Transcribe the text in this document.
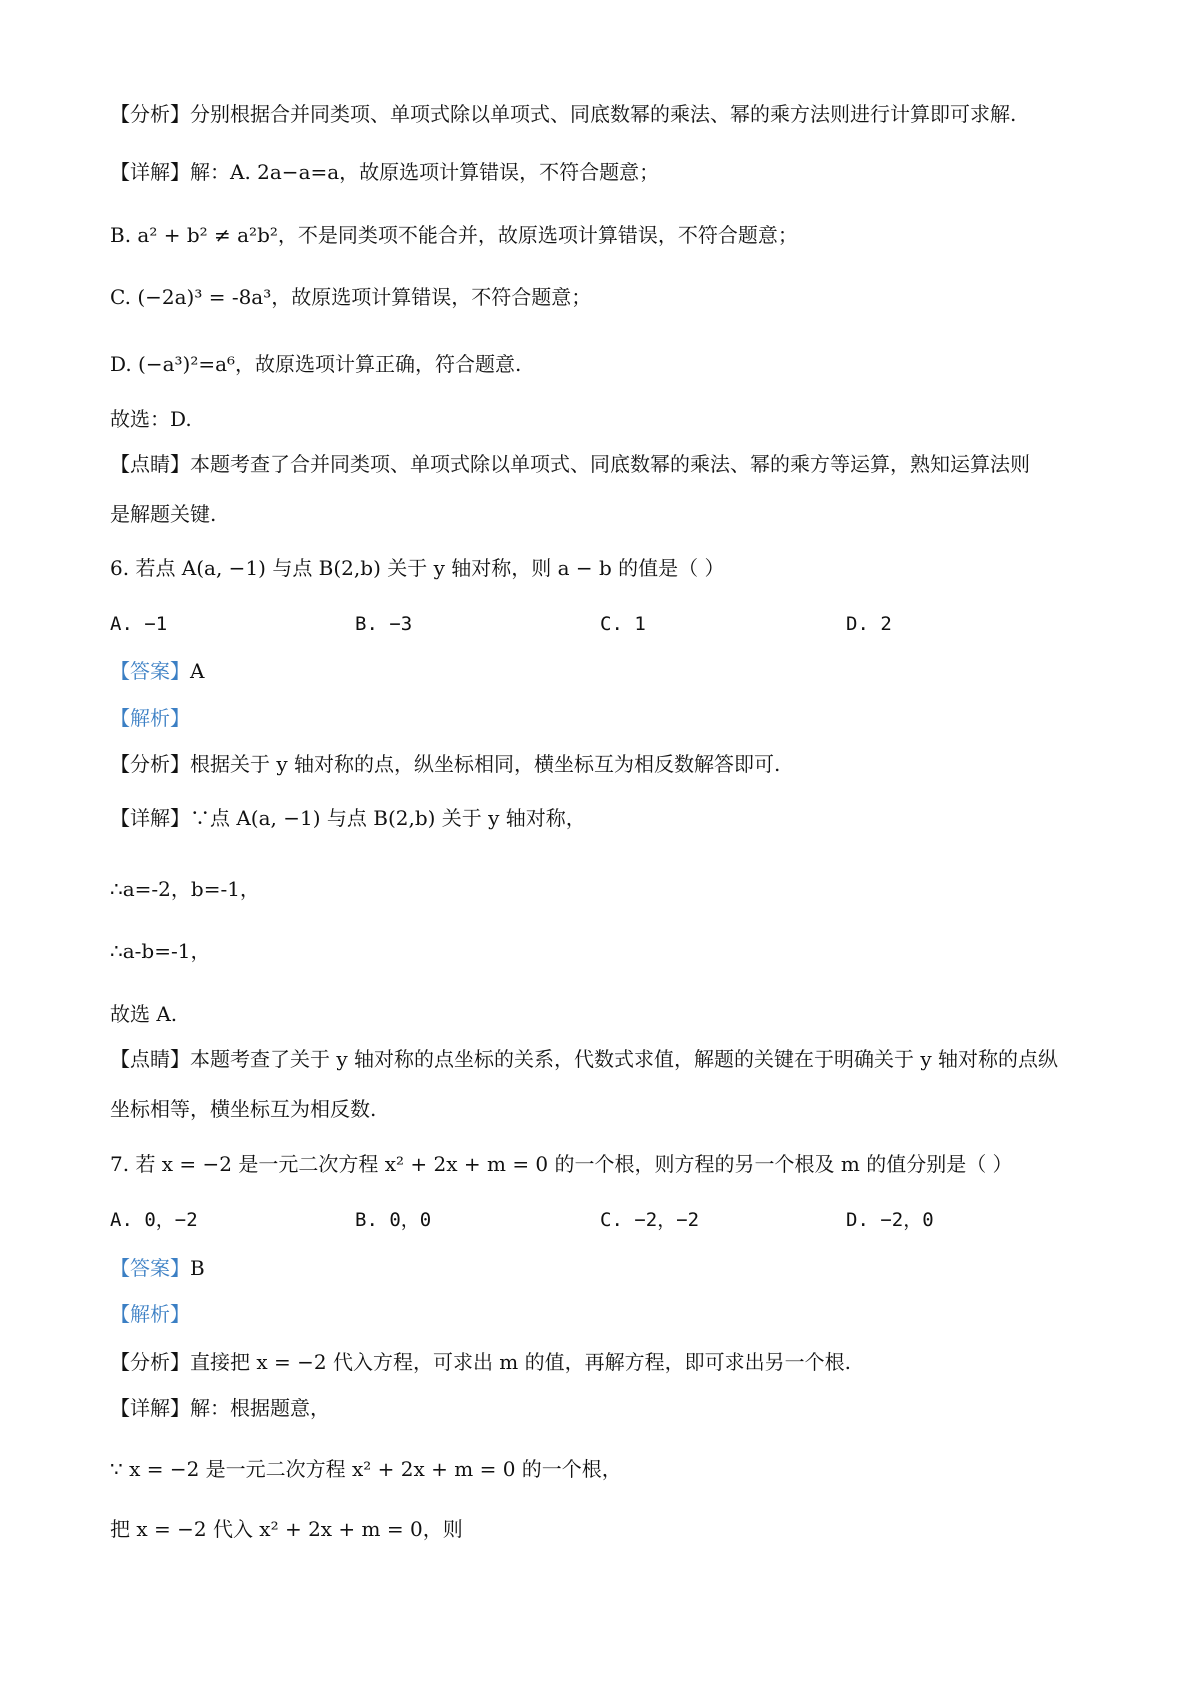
【分析】分别根据合并同类项、单项式除以单项式、同底数幂的乘法、幂的乘方法则进行计算即可求解.
【详解】解：A. 2a−a=a，故原选项计算错误，不符合题意；
B. a² + b² ≠ a²b²，不是同类项不能合并，故原选项计算错误，不符合题意；
C. (−2a)³ = -8a³，故原选项计算错误，不符合题意；
D. (−a³)²=a⁶，故原选项计算正确，符合题意.
故选：D.
【点睛】本题考查了合并同类项、单项式除以单项式、同底数幂的乘法、幂的乘方等运算，熟知运算法则
是解题关键.
6. 若点 A(a, −1) 与点 B(2,b) 关于 y 轴对称，则 a − b 的值是（ ）
A. −1	B. −3	C. 1	D. 2
【答案】A
【解析】
【分析】根据关于 y 轴对称的点，纵坐标相同，横坐标互为相反数解答即可.
【详解】∵点 A(a, −1) 与点 B(2,b) 关于 y 轴对称，
∴a=-2，b=-1，
∴a-b=-1，
故选 A.
【点睛】本题考查了关于 y 轴对称的点坐标的关系，代数式求值，解题的关键在于明确关于 y 轴对称的点纵
坐标相等，横坐标互为相反数.
7. 若 x = −2 是一元二次方程 x² + 2x + m = 0 的一个根，则方程的另一个根及 m 的值分别是（ ）
A. 0，−2	B. 0，0	C. −2，−2	D. −2，0
【答案】B
【解析】
【分析】直接把 x = −2 代入方程，可求出 m 的值，再解方程，即可求出另一个根.
【详解】解：根据题意，
∵ x = −2 是一元二次方程 x² + 2x + m = 0 的一个根，
把 x = −2 代入 x² + 2x + m = 0，则
